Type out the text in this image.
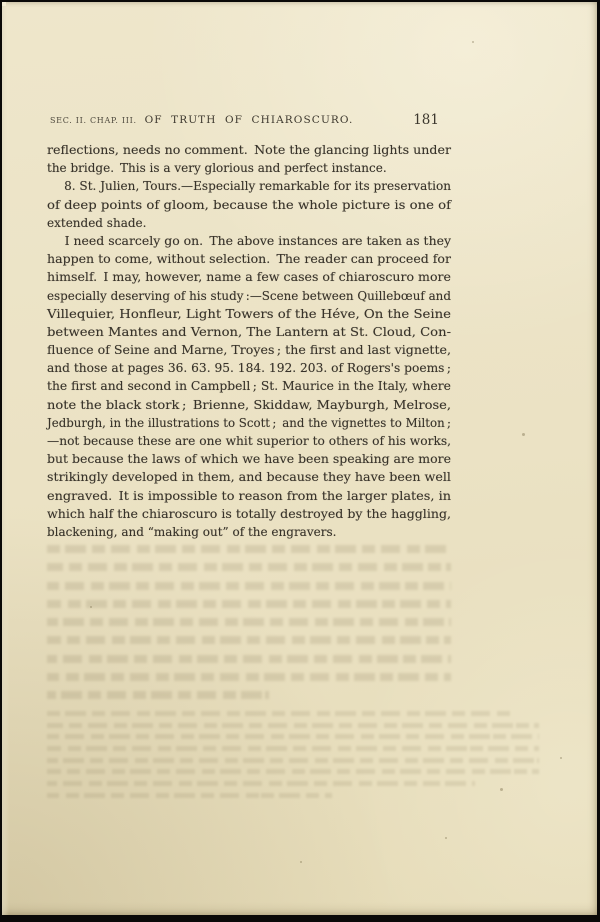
SEC. II. CHAP. III. OF TRUTH OF CHIAROSCURO.	181
reflections, needs no comment. Note the glancing lights under
the bridge. This is a very glorious and perfect instance.
8. St. Julien, Tours.—Especially remarkable for its preservation
of deep points of gloom, because the whole picture is one of
extended shade.
I need scarcely go on. The above instances are taken as they
happen to come, without selection. The reader can proceed for
himself. I may, however, name a few cases of chiaroscuro more
especially deserving of his study :—Scene between Quillebœuf and
Villequier, Honfleur, Light Towers of the Héve, On the Seine
between Mantes and Vernon, The Lantern at St. Cloud, Con-
fluence of Seine and Marne, Troyes ; the first and last vignette,
and those at pages 36. 63. 95. 184. 192. 203. of Rogers's poems ;
the first and second in Campbell ; St. Maurice in the Italy, where
note the black stork ; Brienne, Skiddaw, Mayburgh, Melrose,
Jedburgh, in the illustrations to Scott ; and the vignettes to Milton ;
—not because these are one whit superior to others of his works,
but because the laws of which we have been speaking are more
strikingly developed in them, and because they have been well
engraved. It is impossible to reason from the larger plates, in
which half the chiaroscuro is totally destroyed by the haggling,
blackening, and “making out” of the engravers.
